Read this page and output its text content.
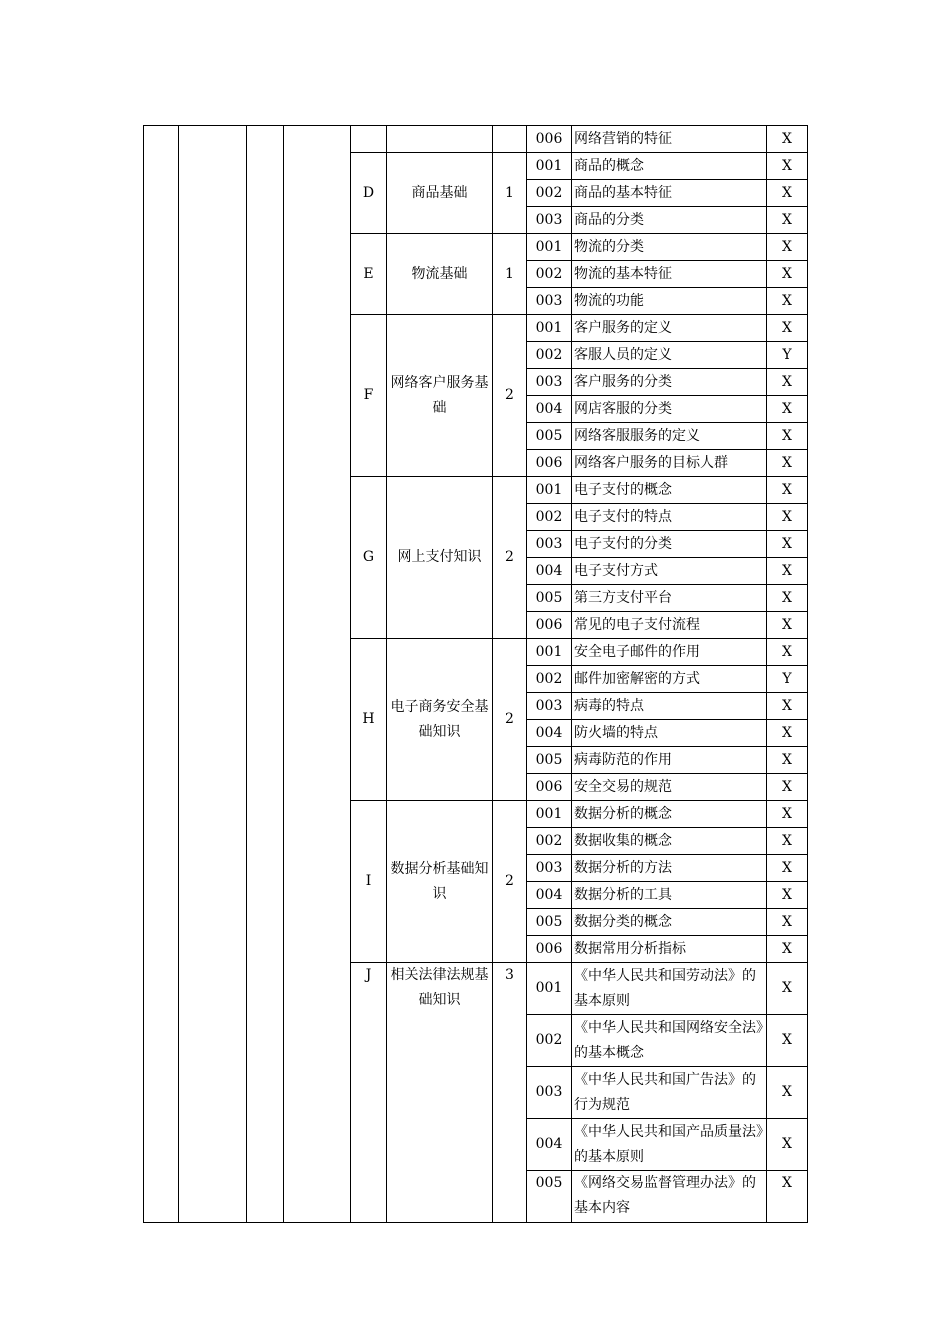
							006	网络营销的特征	X
				D	商品基础	1	001	商品的概念	X
							002	商品的基本特征	X
							003	商品的分类	X
				E	物流基础	1	001	物流的分类	X
							002	物流的基本特征	X
							003	物流的功能	X
				F	网络客户服务基础	2	001	客户服务的定义	X
							002	客服人员的定义	Y
							003	客户服务的分类	X
							004	网店客服的分类	X
							005	网络客服服务的定义	X
							006	网络客户服务的目标人群	X
				G	网上支付知识	2	001	电子支付的概念	X
							002	电子支付的特点	X
							003	电子支付的分类	X
							004	电子支付方式	X
							005	第三方支付平台	X
							006	常见的电子支付流程	X
				H	电子商务安全基础知识	2	001	安全电子邮件的作用	X
							002	邮件加密解密的方式	Y
							003	病毒的特点	X
							004	防火墙的特点	X
							005	病毒防范的作用	X
							006	安全交易的规范	X
				I	数据分析基础知识	2	001	数据分析的概念	X
							002	数据收集的概念	X
							003	数据分析的方法	X
							004	数据分析的工具	X
							005	数据分类的概念	X
							006	数据常用分析指标	X
				J	相关法律法规基础知识	3	001	《中华人民共和国劳动法》的基本原则	X
							002	《中华人民共和国网络安全法》的基本概念	X
							003	《中华人民共和国广告法》的行为规范	X
							004	《中华人民共和国产品质量法》的基本原则	X
							005	《网络交易监督管理办法》的基本内容	X
